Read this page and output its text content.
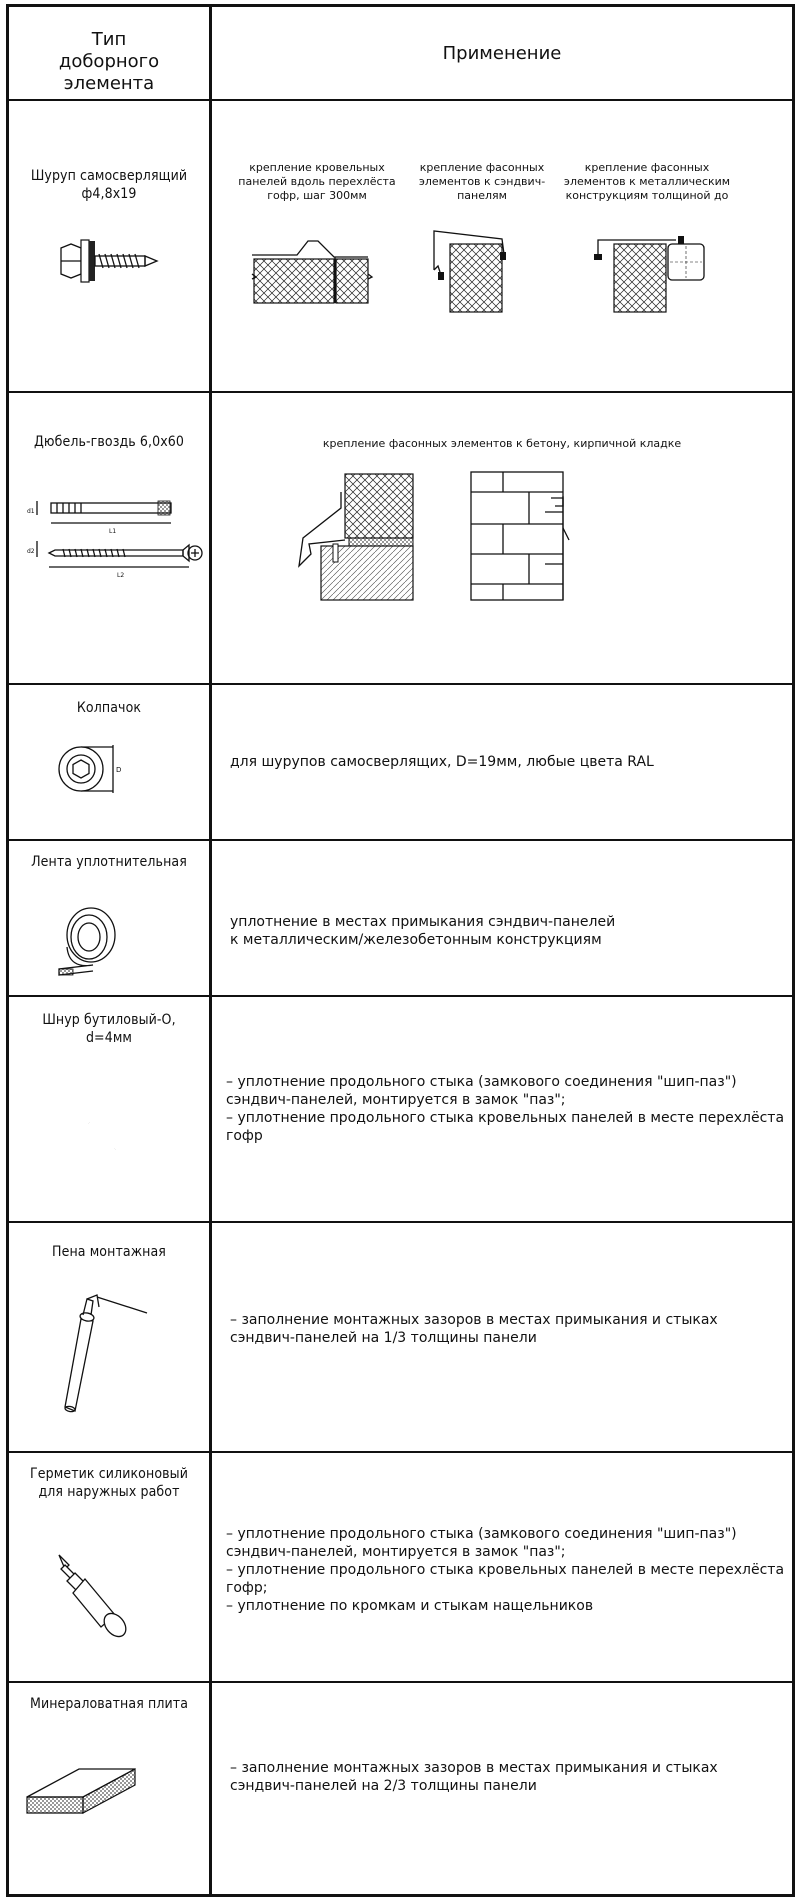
Тип доборного элемента
Применение
Шуруп самосверлящий
ф4,8х19
крепление кровельных панелей вдоль перехлёста гофр, шаг 300мм
крепление фасонных элементов к сэндвич-панелям
крепление фасонных элементов к металлическим конструкциям толщиной до
Дюбель-гвоздь 6,0х60
d1
L1
d2
L2
крепление фасонных элементов к бетону, кирпичной кладке
Колпачок
D	для шурупов самосверлящих, D=19мм, любые цвета RAL
Лента уплотнительная
уплотнение в местах примыкания сэндвич-панелей
к металлическим/железобетонным конструкциям
Шнур бутиловый-О,
d=4мм
– уплотнение продольного стыка (замкового соединения "шип-паз")
сэндвич-панелей, монтируется в замок "паз";
– уплотнение продольного стыка кровельных панелей в месте перехлёста
гофр
Пена монтажная
– заполнение монтажных зазоров в местах примыкания и стыках
сэндвич-панелей на 1/3 толщины панели
Герметик силиконовый
для наружных работ
– уплотнение продольного стыка (замкового соединения "шип-паз")
сэндвич-панелей, монтируется в замок "паз";
– уплотнение продольного стыка кровельных панелей в месте перехлёста
гофр;
– уплотнение по кромкам и стыкам нащельников
Минераловатная плита
– заполнение монтажных зазоров в местах примыкания и стыках
сэндвич-панелей на 2/3 толщины панели
